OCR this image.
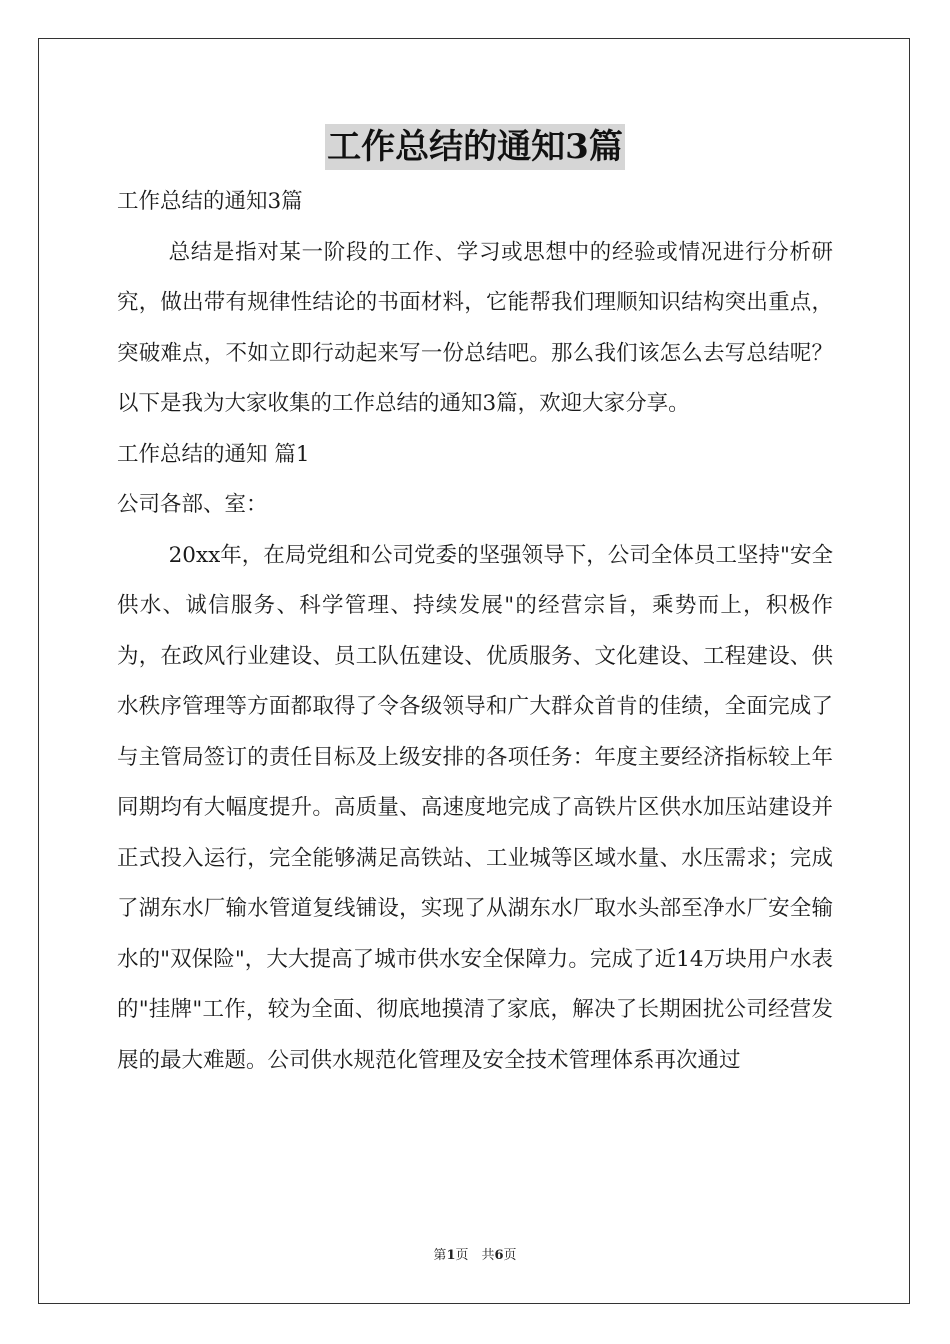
工作总结的通知3篇

工作总结的通知3篇

总结是指对某一阶段的工作、学习或思想中的经验或情况进行分析研究，做出带有规律性结论的书面材料，它能帮我们理顺知识结构突出重点，突破难点，不如立即行动起来写一份总结吧。那么我们该怎么去写总结呢？以下是我为大家收集的工作总结的通知3篇，欢迎大家分享。

工作总结的通知 篇1

公司各部、室：

20xx年，在局党组和公司党委的坚强领导下，公司全体员工坚持"安全供水、诚信服务、科学管理、持续发展"的经营宗旨，乘势而上，积极作为，在政风行业建设、员工队伍建设、优质服务、文化建设、工程建设、供水秩序管理等方面都取得了令各级领导和广大群众首肯的佳绩，全面完成了与主管局签订的责任目标及上级安排的各项任务：年度主要经济指标较上年同期均有大幅度提升。高质量、高速度地完成了高铁片区供水加压站建设并正式投入运行，完全能够满足高铁站、工业城等区域水量、水压需求；完成了湖东水厂输水管道复线铺设，实现了从湖东水厂取水头部至净水厂安全输水的"双保险"，大大提高了城市供水安全保障力。完成了近14万块用户水表的"挂牌"工作，较为全面、彻底地摸清了家底，解决了长期困扰公司经营发展的最大难题。公司供水规范化管理及安全技术管理体系再次通过

第1页　共6页
